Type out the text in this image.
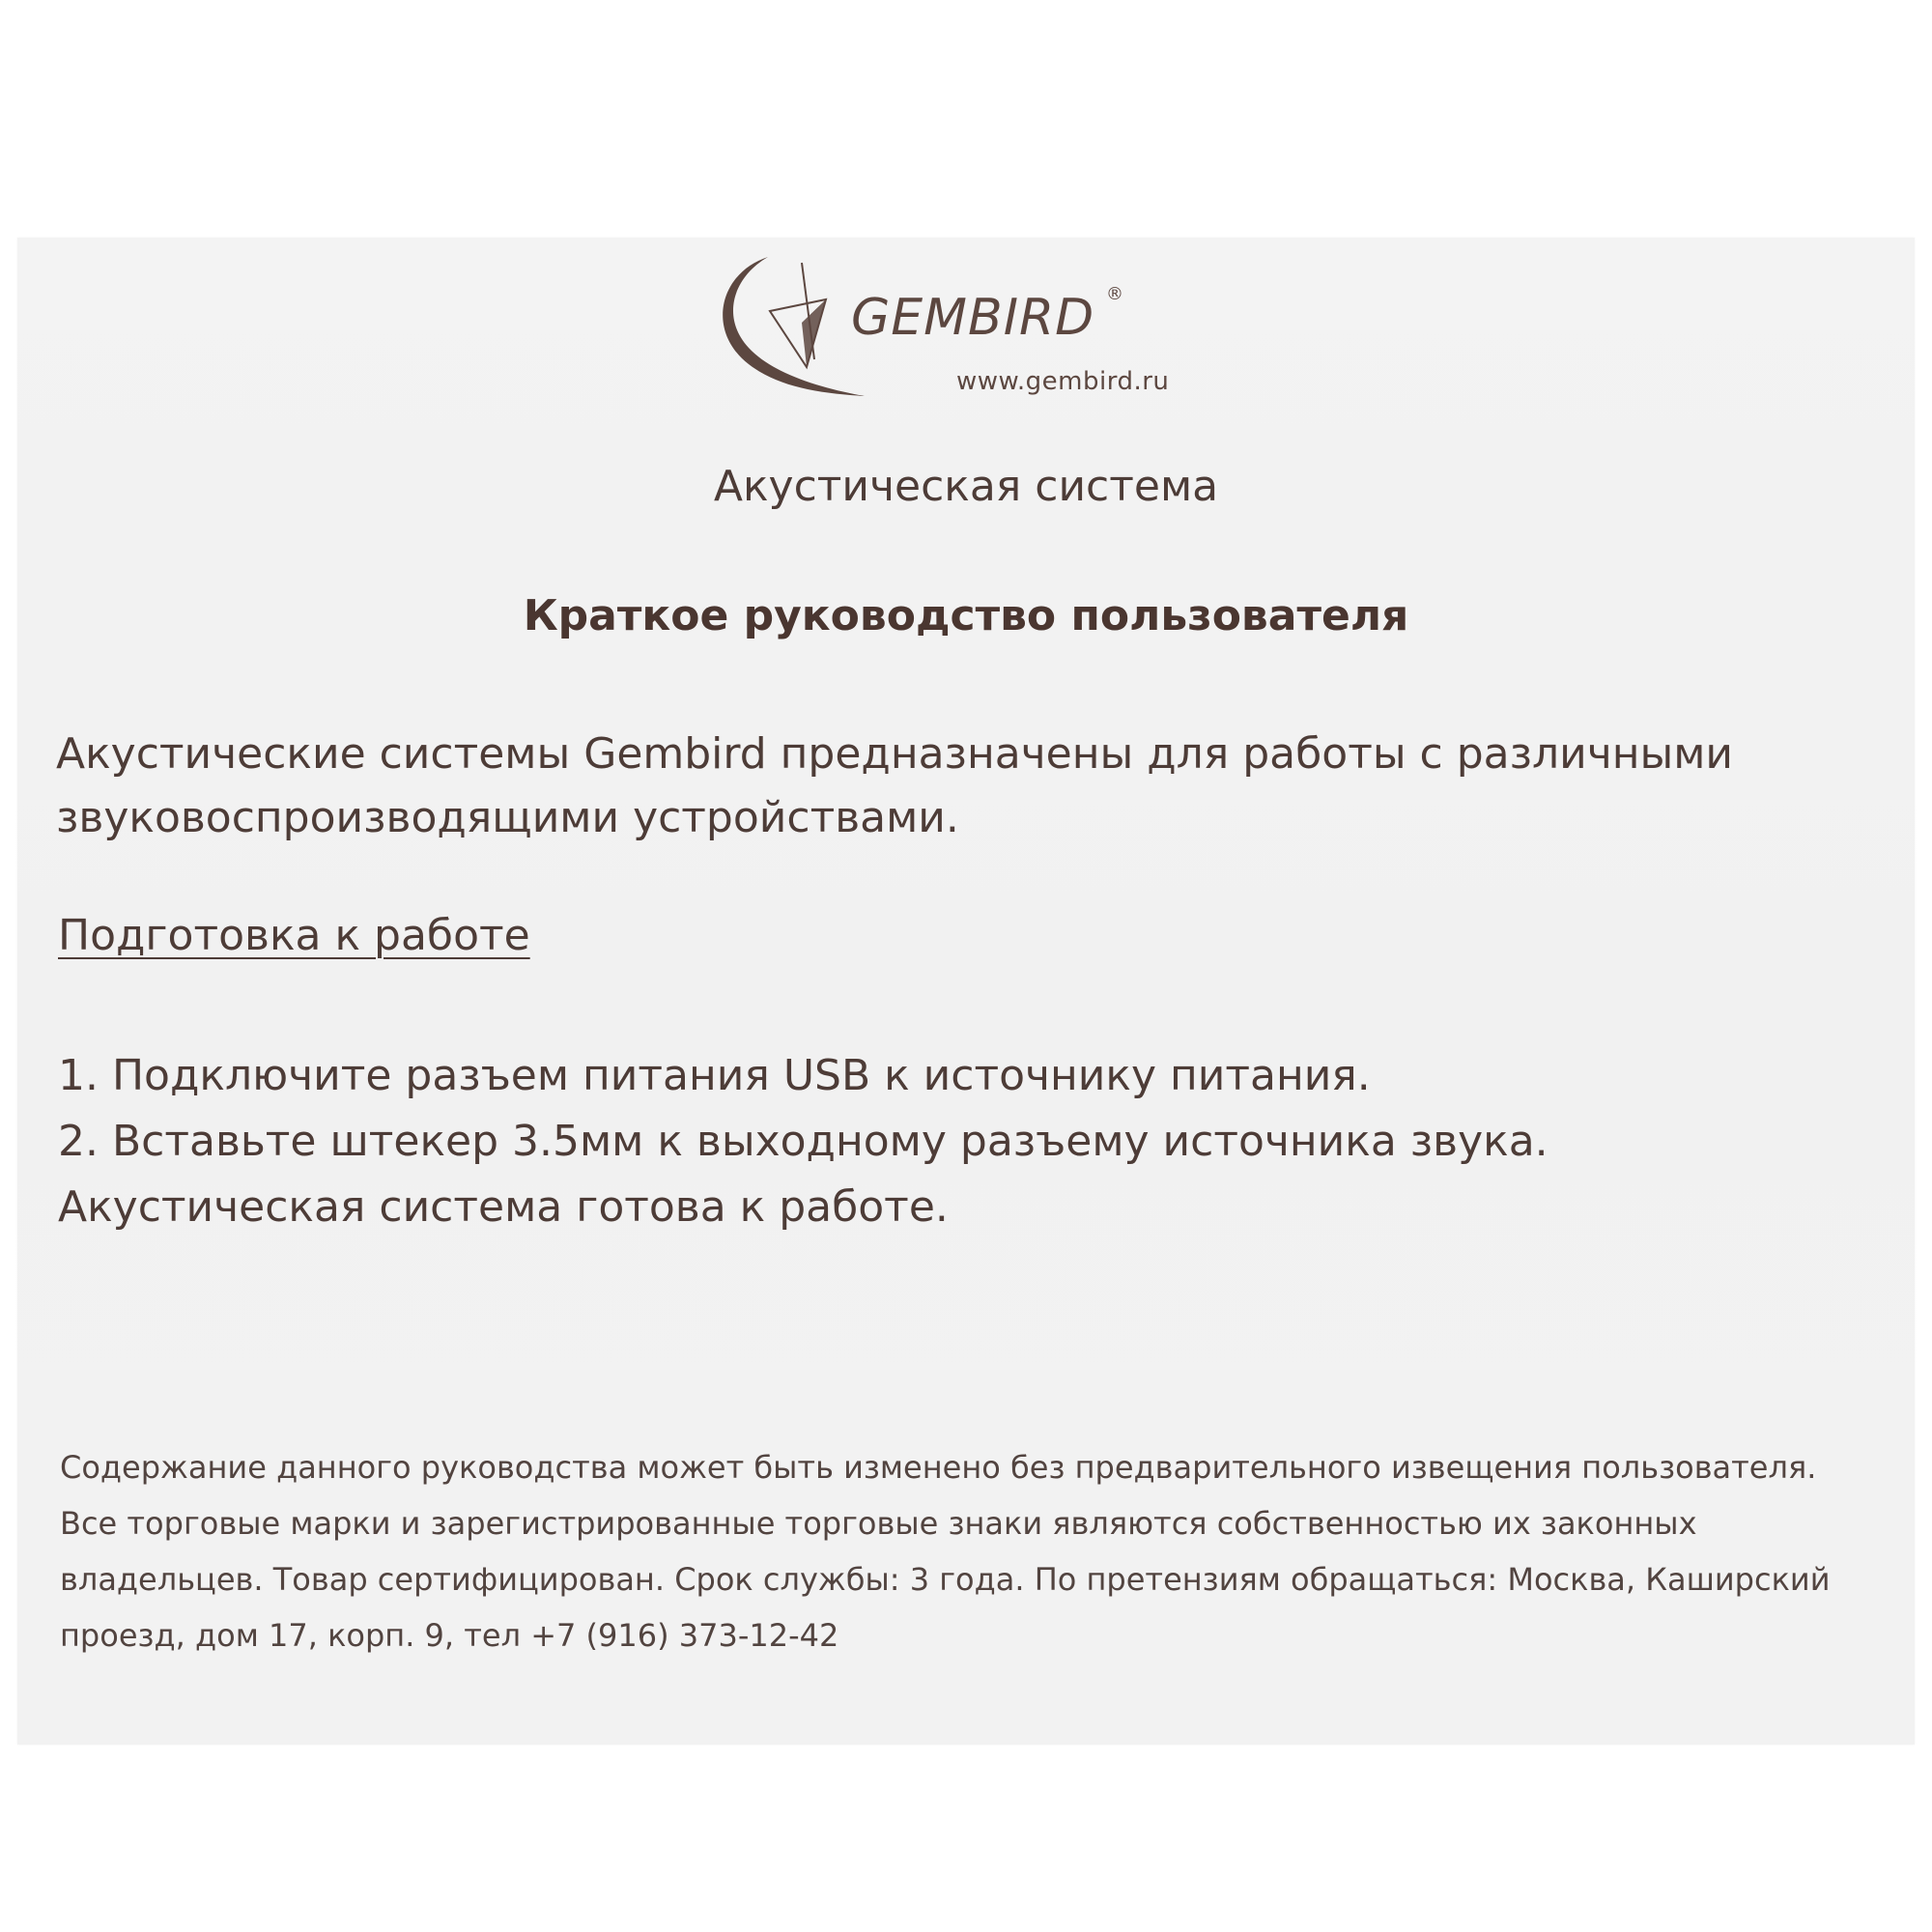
GEMBIRD ®
www.gembird.ru
Акустическая система
Краткое руководство пользователя

Акустические системы Gembird предназначены для работы с различными звуковоспроизводящими устройствами.

Подготовка к работе
1. Подключите разъем питания USB к источнику питания.
2. Вставьте штекер 3.5мм к выходному разъему источника звука.
Акустическая система готова к работе.

Содержание данного руководства может быть изменено без предварительного извещения пользователя. Все торговые марки и зарегистрированные торговые знаки являются собственностью их законных владельцев. Товар сертифицирован. Срок службы: 3 года. По претензиям обращаться: Москва, Каширский проезд, дом 17, корп. 9, тел +7 (916) 373-12-42
